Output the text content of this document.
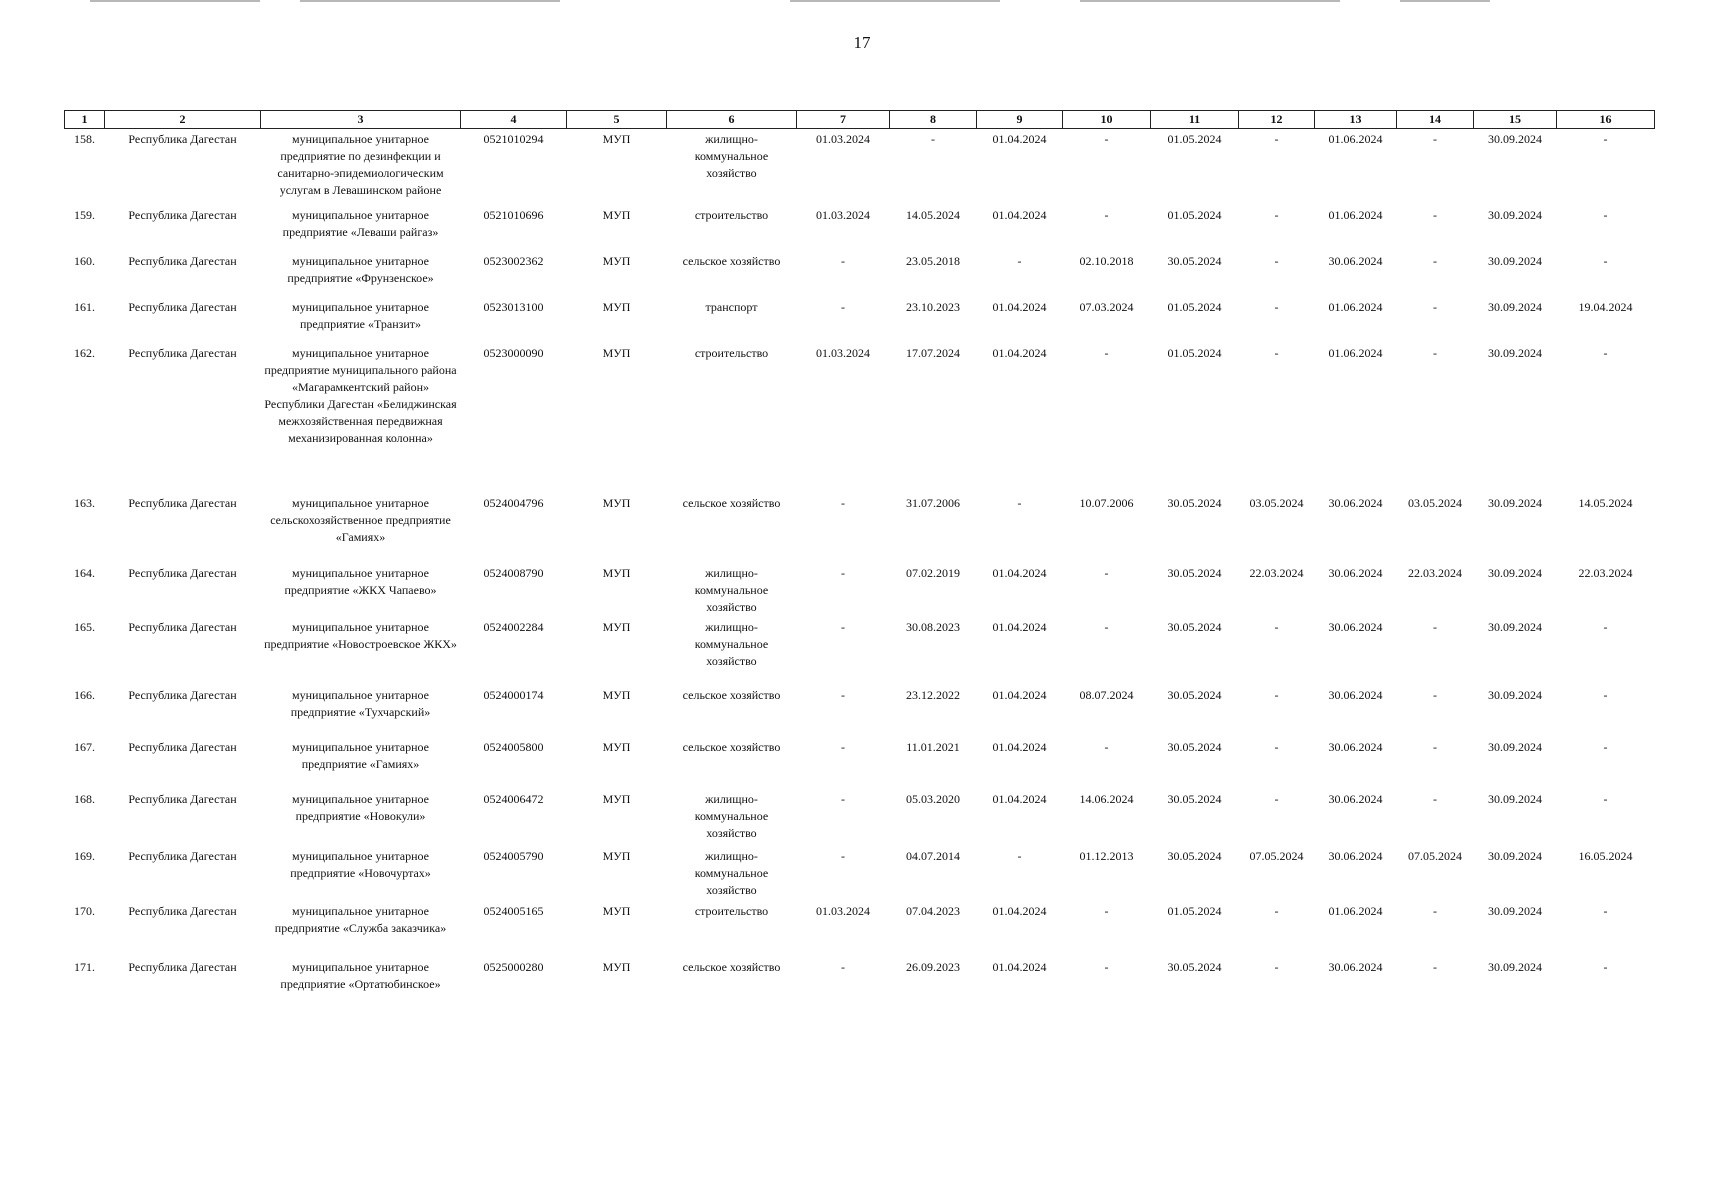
17
1	2	3	4	5	6	7	8	9	10	11	12	13	14	15	16
158.	Республика Дагестан	муниципальное унитарное предприятие по дезинфекции и санитарно-эпидемиологическим услугам в Левашинском районе	0521010294	МУП	жилищно-коммунальное хозяйство	01.03.2024	-	01.04.2024	-	01.05.2024	-	01.06.2024	-	30.09.2024	-
159.	Республика Дагестан	муниципальное унитарное предприятие «Леваши райгаз»	0521010696	МУП	строительство	01.03.2024	14.05.2024	01.04.2024	-	01.05.2024	-	01.06.2024	-	30.09.2024	-
160.	Республика Дагестан	муниципальное унитарное предприятие «Фрунзенское»	0523002362	МУП	сельское хозяйство	-	23.05.2018	-	02.10.2018	30.05.2024	-	30.06.2024	-	30.09.2024	-
161.	Республика Дагестан	муниципальное унитарное предприятие «Транзит»	0523013100	МУП	транспорт	-	23.10.2023	01.04.2024	07.03.2024	01.05.2024	-	01.06.2024	-	30.09.2024	19.04.2024
162.	Республика Дагестан	муниципальное унитарное предприятие муниципального района «Магарамкентский район» Республики Дагестан «Белиджинская межхозяйственная передвижная механизированная колонна»	0523000090	МУП	строительство	01.03.2024	17.07.2024	01.04.2024	-	01.05.2024	-	01.06.2024	-	30.09.2024	-
163.	Республика Дагестан	муниципальное унитарное сельскохозяйственное предприятие «Гамиях»	0524004796	МУП	сельское хозяйство	-	31.07.2006	-	10.07.2006	30.05.2024	03.05.2024	30.06.2024	03.05.2024	30.09.2024	14.05.2024
164.	Республика Дагестан	муниципальное унитарное предприятие «ЖКХ Чапаево»	0524008790	МУП	жилищно-коммунальное хозяйство	-	07.02.2019	01.04.2024	-	30.05.2024	22.03.2024	30.06.2024	22.03.2024	30.09.2024	22.03.2024
165.	Республика Дагестан	муниципальное унитарное предприятие «Новостроевское ЖКХ»	0524002284	МУП	жилищно-коммунальное хозяйство	-	30.08.2023	01.04.2024	-	30.05.2024	-	30.06.2024	-	30.09.2024	-
166.	Республика Дагестан	муниципальное унитарное предприятие «Тухчарский»	0524000174	МУП	сельское хозяйство	-	23.12.2022	01.04.2024	08.07.2024	30.05.2024	-	30.06.2024	-	30.09.2024	-
167.	Республика Дагестан	муниципальное унитарное предприятие «Гамиях»	0524005800	МУП	сельское хозяйство	-	11.01.2021	01.04.2024	-	30.05.2024	-	30.06.2024	-	30.09.2024	-
168.	Республика Дагестан	муниципальное унитарное предприятие «Новокули»	0524006472	МУП	жилищно-коммунальное хозяйство	-	05.03.2020	01.04.2024	14.06.2024	30.05.2024	-	30.06.2024	-	30.09.2024	-
169.	Республика Дагестан	муниципальное унитарное предприятие «Новочуртах»	0524005790	МУП	жилищно-коммунальное хозяйство	-	04.07.2014	-	01.12.2013	30.05.2024	07.05.2024	30.06.2024	07.05.2024	30.09.2024	16.05.2024
170.	Республика Дагестан	муниципальное унитарное предприятие «Служба заказчика»	0524005165	МУП	строительство	01.03.2024	07.04.2023	01.04.2024	-	01.05.2024	-	01.06.2024	-	30.09.2024	-
171.	Республика Дагестан	муниципальное унитарное предприятие «Ортатюбинское»	0525000280	МУП	сельское хозяйство	-	26.09.2023	01.04.2024	-	30.05.2024	-	30.06.2024	-	30.09.2024	-
